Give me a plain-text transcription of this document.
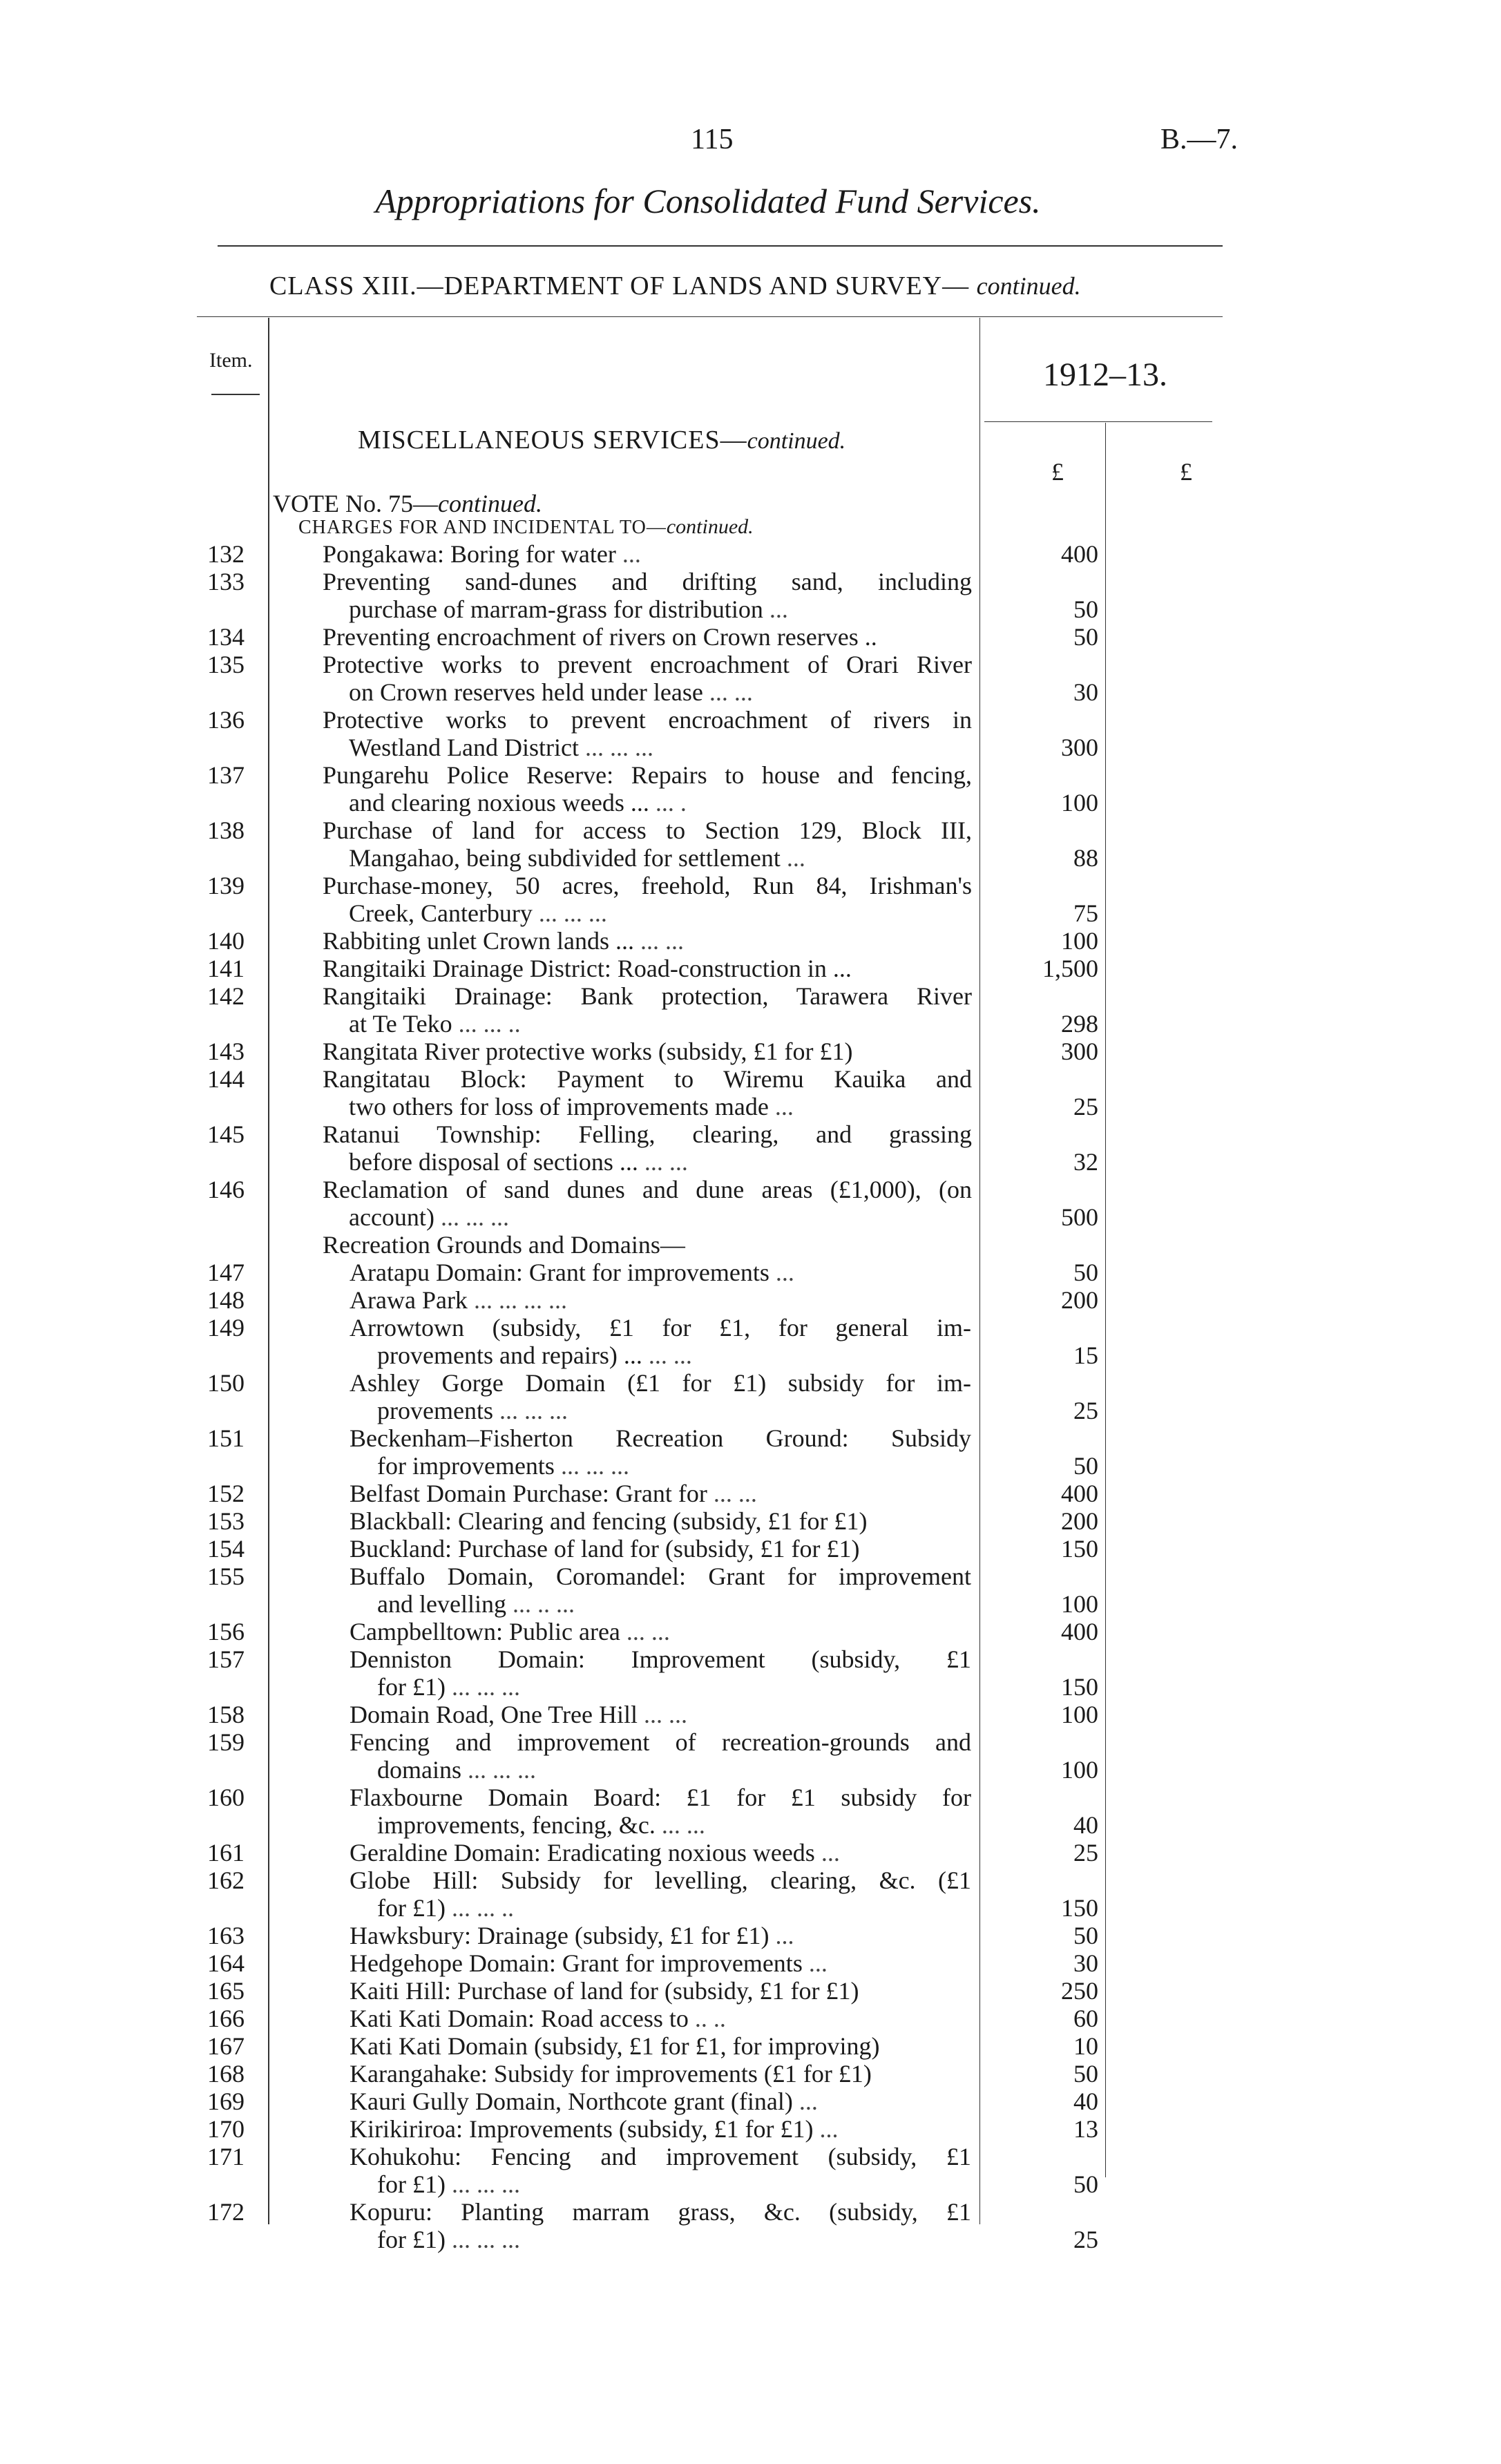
115	B.—7.
Appropriations for Consolidated Fund Services.
CLASS XIII.—DEPARTMENT OF LANDS AND SURVEY— continued.
Item.	1912–13.
£	£
MISCELLANEOUS SERVICES—continued.
VOTE No. 75—continued.
CHARGES FOR AND INCIDENTAL TO—continued.
132	Pongakawa: Boring for water ...	400
133	Preventing sand-dunes and drifting sand, including
purchase of marram-grass for distribution ...	50
134	Preventing encroachment of rivers on Crown reserves ..	50
135	Protective works to prevent encroachment of Orari River
on Crown reserves held under lease ... ...	30
136	Protective works to prevent encroachment of rivers in
Westland Land District ... ... ...	300
137	Pungarehu Police Reserve: Repairs to house and fencing,
and clearing noxious weeds ... ... .	100
138	Purchase of land for access to Section 129, Block III,
Mangahao, being subdivided for settlement ...	88
139	Purchase-money, 50 acres, freehold, Run 84, Irishman's
Creek, Canterbury ... ... ...	75
140	Rabbiting unlet Crown lands ... ... ...	100
141	Rangitaiki Drainage District: Road-construction in ...	1,500
142	Rangitaiki Drainage: Bank protection, Tarawera River
at Te Teko ... ... ..	298
143	Rangitata River protective works (subsidy, £1 for £1)	300
144	Rangitatau Block: Payment to Wiremu Kauika and
two others for loss of improvements made ...	25
145	Ratanui Township: Felling, clearing, and grassing
before disposal of sections ... ... ...	32
146	Reclamation of sand dunes and dune areas (£1,000), (on
account) ... ... ...	500
Recreation Grounds and Domains—
147	Aratapu Domain: Grant for improvements ...	50
148	Arawa Park ... ... ... ...	200
149	Arrowtown (subsidy, £1 for £1, for general im-
provements and repairs) ... ... ...	15
150	Ashley Gorge Domain (£1 for £1) subsidy for im-
provements ... ... ...	25
151	Beckenham–Fisherton Recreation Ground: Subsidy
for improvements ... ... ...	50
152	Belfast Domain Purchase: Grant for ... ...	400
153	Blackball: Clearing and fencing (subsidy, £1 for £1)	200
154	Buckland: Purchase of land for (subsidy, £1 for £1)	150
155	Buffalo Domain, Coromandel: Grant for improvement
and levelling ... .. ...	100
156	Campbelltown: Public area ... ...	400
157	Denniston Domain: Improvement (subsidy, £1
for £1) ... ... ...	150
158	Domain Road, One Tree Hill ... ...	100
159	Fencing and improvement of recreation-grounds and
domains ... ... ...	100
160	Flaxbourne Domain Board: £1 for £1 subsidy for
improvements, fencing, &c. ... ...	40
161	Geraldine Domain: Eradicating noxious weeds ...	25
162	Globe Hill: Subsidy for levelling, clearing, &c. (£1
for £1) ... ... ..	150
163	Hawksbury: Drainage (subsidy, £1 for £1) ...	50
164	Hedgehope Domain: Grant for improvements ...	30
165	Kaiti Hill: Purchase of land for (subsidy, £1 for £1)	250
166	Kati Kati Domain: Road access to .. ..	60
167	Kati Kati Domain (subsidy, £1 for £1, for improving)	10
168	Karangahake: Subsidy for improvements (£1 for £1)	50
169	Kauri Gully Domain, Northcote grant (final) ...	40
170	Kirikiriroa: Improvements (subsidy, £1 for £1) ...	13
171	Kohukohu: Fencing and improvement (subsidy, £1
for £1) ... ... ...	50
172	Kopuru: Planting marram grass, &c. (subsidy, £1
for £1) ... ... ...	25
